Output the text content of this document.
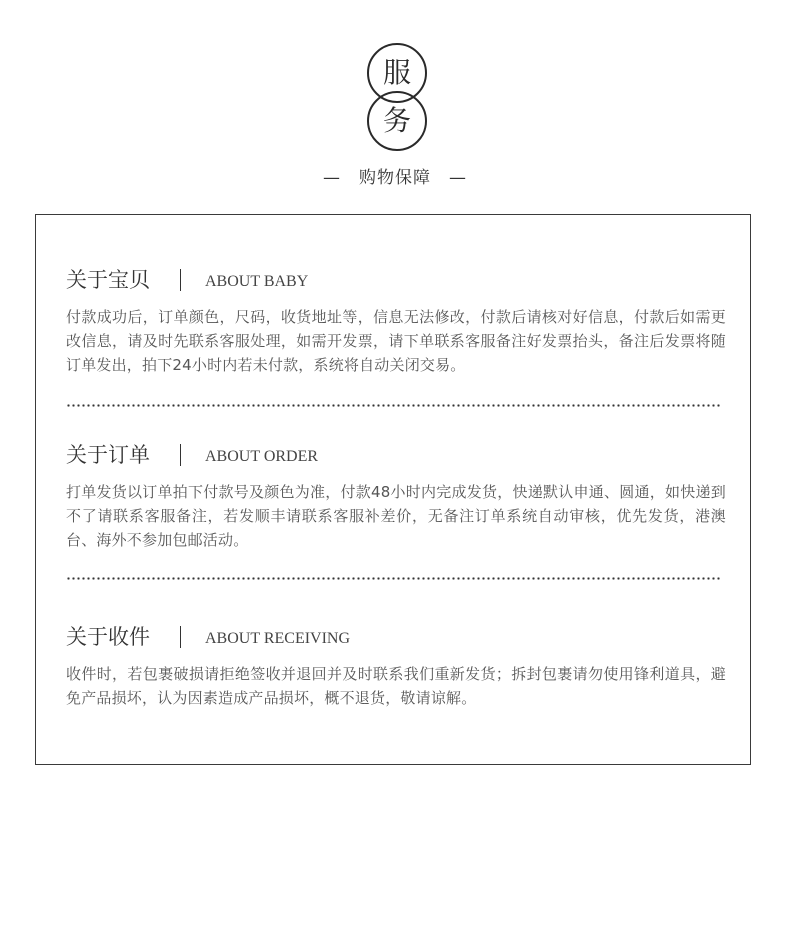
服
务
— 购物保障 —
关于宝贝	ABOUT BABY
付款成功后，订单颜色，尺码，收货地址等，信息无法修改，付款后请核对好信息，付款后如需更改信息，请及时先联系客服处理，如需开发票，请下单联系客服备注好发票抬头，备注后发票将随订单发出，拍下24小时内若未付款，系统将自动关闭交易。
关于订单	ABOUT ORDER
打单发货以订单拍下付款号及颜色为准，付款48小时内完成发货，快递默认申通、圆通，如快递到不了请联系客服备注，若发顺丰请联系客服补差价，无备注订单系统自动审核，优先发货，港澳台、海外不参加包邮活动。
关于收件	ABOUT RECEIVING
收件时，若包裹破损请拒绝签收并退回并及时联系我们重新发货；拆封包裹请勿使用锋利道具，避免产品损坏，认为因素造成产品损坏，概不退货，敬请谅解。
